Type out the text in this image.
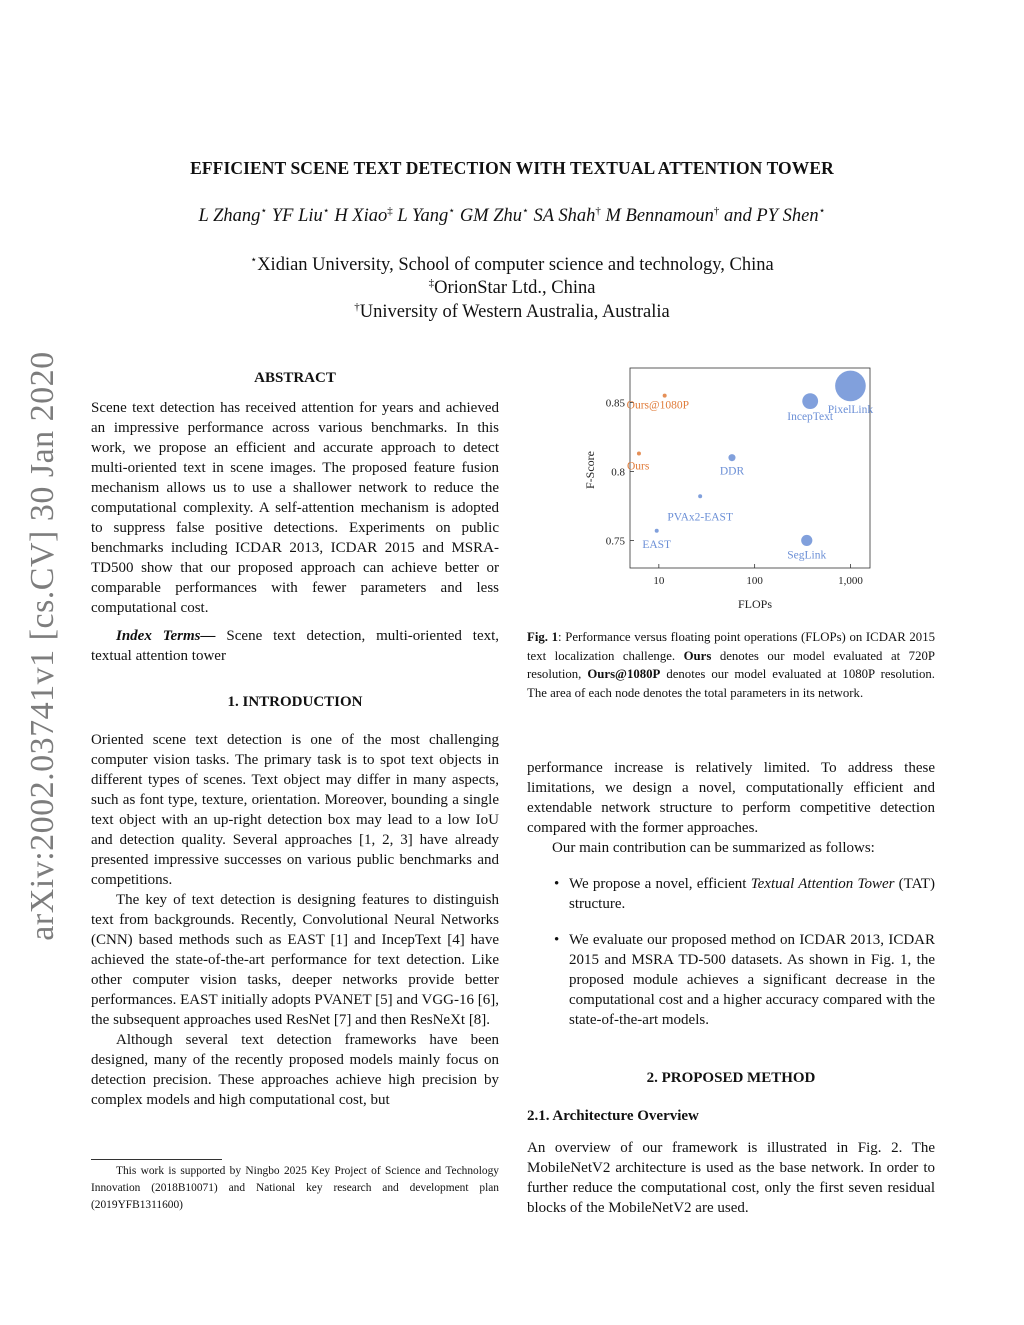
arXiv:2002.03741v1 [cs.CV] 30 Jan 2020
EFFICIENT SCENE TEXT DETECTION WITH TEXTUAL ATTENTION TOWER
L Zhang⋆ YF Liu⋆ H Xiao‡ L Yang⋆ GM Zhu⋆ SA Shah† M Bennamoun† and PY Shen⋆
⋆Xidian University, School of computer science and technology, China
‡OrionStar Ltd., China
†University of Western Australia, Australia
ABSTRACT

Scene text detection has received attention for years and achieved an impressive performance across various benchmarks. In this work, we propose an efficient and accurate approach to detect multi-oriented text in scene images. The proposed feature fusion mechanism allows us to use a shallower network to reduce the computational complexity. A self-attention mechanism is adopted to suppress false positive detections. Experiments on public benchmarks including ICDAR 2013, ICDAR 2015 and MSRA-TD500 show that our proposed approach can achieve better or comparable performances with fewer parameters and less computational cost.

Index Terms— Scene text detection, multi-oriented text, textual attention tower

1. INTRODUCTION

Oriented scene text detection is one of the most challenging computer vision tasks. The primary task is to spot text objects in different types of scenes. Text object may differ in many aspects, such as font type, texture, orientation. Moreover, bounding a single text object with an up-right detection box may lead to a low IoU and detection quality. Several approaches [1, 2, 3] have already presented impressive successes on various public benchmarks and competitions.

The key of text detection is designing features to distinguish text from backgrounds. Recently, Convolutional Neural Networks (CNN) based methods such as EAST [1] and IncepText [4] have achieved the state-of-the-art performance for text detection. Like other computer vision tasks, deeper networks provide better performances. EAST initially adopts PVANET [5] and VGG-16 [6], the subsequent approaches used ResNet [7] and then ResNeXt [8].

Although several text detection frameworks have been designed, many of the recently proposed models mainly focus on detection precision. These approaches achieve high precision by complex models and high computational cost, but

This work is supported by Ningbo 2025 Key Project of Science and Technology Innovation (2018B10071) and National key research and development plan (2019YFB1311600)
10	100	1,000
0.75
0.8
0.85 Ours@1080P
Ours
IncepText
PixelLink
DDR
PVAx2-EAST
EAST
SegLink
FLOPs
F-Score
Fig. 1: Performance versus floating point operations (FLOPs) on ICDAR 2015 text localization challenge. Ours denotes our model evaluated at 720P resolution, Ours@1080P denotes our model evaluated at 1080P resolution. The area of each node denotes the total parameters in its network.

performance increase is relatively limited. To address these limitations, we design a novel, computationally efficient and extendable network structure to perform competitive detection compared with the former approaches.

Our main contribution can be summarized as follows:

• We propose a novel, efficient Textual Attention Tower (TAT) structure.
• We evaluate our proposed method on ICDAR 2013, ICDAR 2015 and MSRA TD-500 datasets. As shown in Fig. 1, the proposed module achieves a significant decrease in the computational cost and a higher accuracy compared with the state-of-the-art models.
2. PROPOSED METHOD
2.1. Architecture Overview

An overview of our framework is illustrated in Fig. 2. The MobileNetV2 architecture is used as the base network. In order to further reduce the computational cost, only the first seven residual blocks of the MobileNetV2 are used.
